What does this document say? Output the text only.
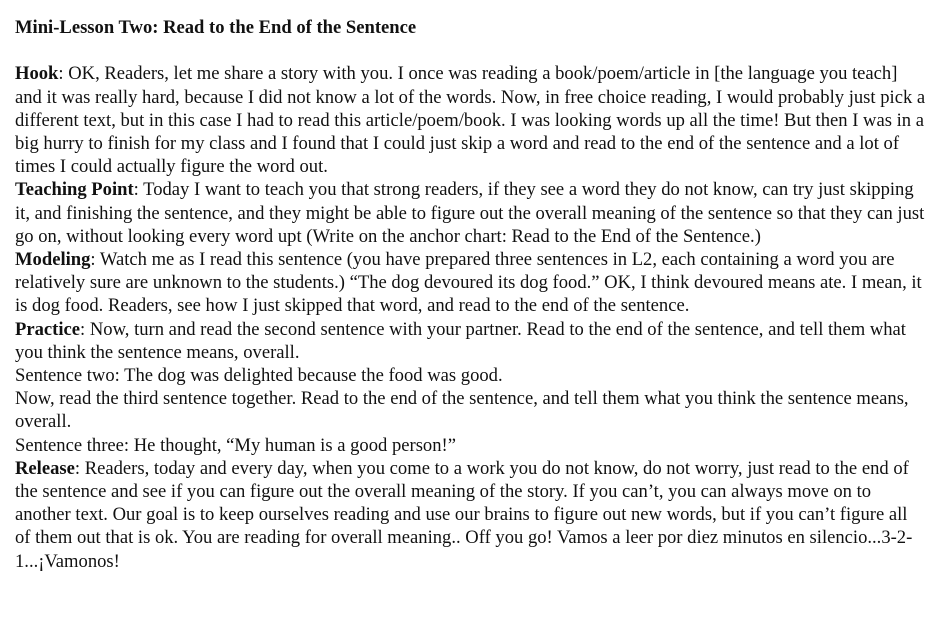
Mini-Lesson Two: Read to the End of the Sentence

Hook: OK, Readers, let me share a story with you. I once was reading a book/poem/article in [the language you teach] and it was really hard, because I did not know a lot of the words. Now, in free choice reading, I would probably just pick a different text, but in this case I had to read this article/poem/book. I was looking words up all the time! But then I was in a big hurry to finish for my class and I found that I could just skip a word and read to the end of the sentence and a lot of times I could actually figure the word out.

Teaching Point: Today I want to teach you that strong readers, if they see a word they do not know, can try just skipping it, and finishing the sentence, and they might be able to figure out the overall meaning of the sentence so that they can just go on, without looking every word upt (Write on the anchor chart: Read to the End of the Sentence.)

Modeling: Watch me as I read this sentence (you have prepared three sentences in L2, each containing a word you are relatively sure are unknown to the students.) “The dog devoured its dog food.” OK, I think devoured means ate. I mean, it is dog food. Readers, see how I just skipped that word, and read to the end of the sentence.

Practice: Now, turn and read the second sentence with your partner. Read to the end of the sentence, and tell them what you think the sentence means, overall.

Sentence two: The dog was delighted because the food was good.

Now, read the third sentence together. Read to the end of the sentence, and tell them what you think the sentence means, overall.

Sentence three: He thought, “My human is a good person!”

Release: Readers, today and every day, when you come to a work you do not know, do not worry, just read to the end of the sentence and see if you can figure out the overall meaning of the story. If you can’t, you can always move on to another text. Our goal is to keep ourselves reading and use our brains to figure out new words, but if you can’t figure all of them out that is ok. You are reading for overall meaning.. Off you go! Vamos a leer por diez minutos en silencio...3-2-1...¡Vamonos!
